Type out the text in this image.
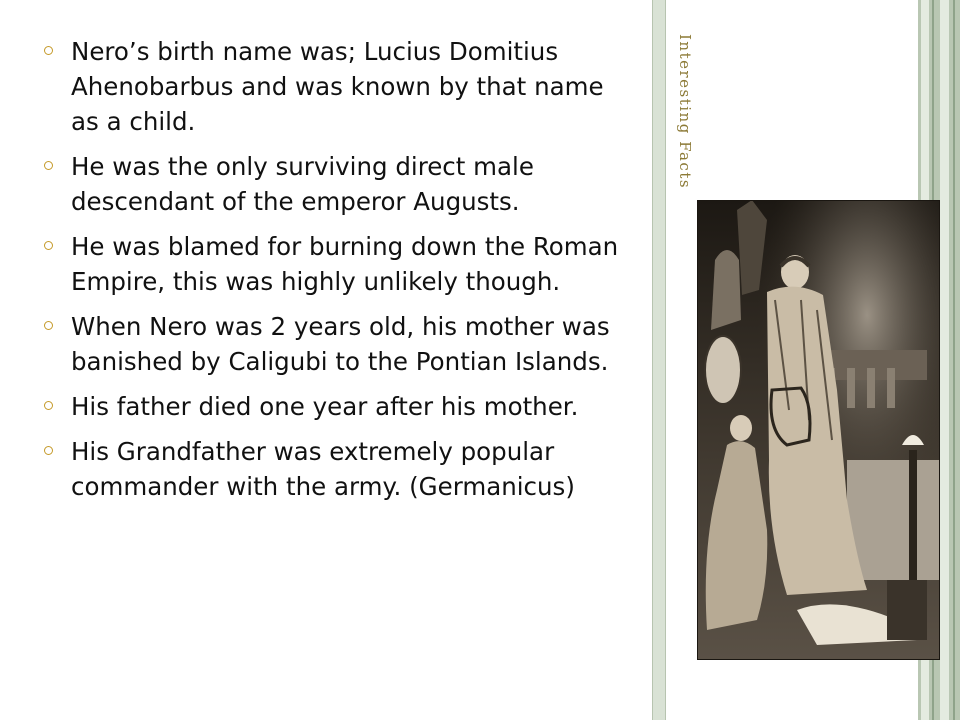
Nero’s birth name was; Lucius Domitius Ahenobarbus and was known by that name as a child.
He was the only surviving direct male descendant of the emperor Augusts.
He was blamed for burning down the Roman Empire, this was highly unlikely though.
When Nero was 2 years old, his mother was banished by Caligubi to the Pontian Islands.
His father died one year after his mother.
His Grandfather was extremely popular commander with the army. (Germanicus)
Interesting Facts
